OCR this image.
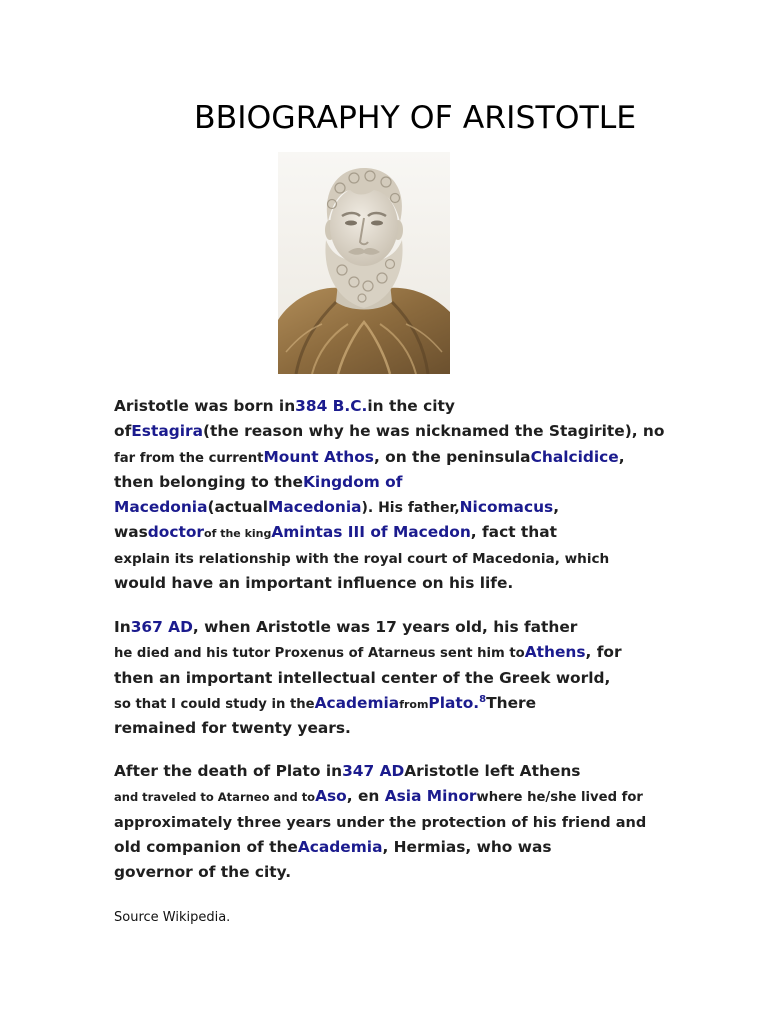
BBIOGRAPHY OF ARISTOTLE
Aristotle was born in384 B.C.in the city
ofEstagira(the reason why he was nicknamed the Stagirite), no
far from the currentMount Athos, on the peninsulaChalcidice,
then belonging to theKingdom of
Macedonia(actualMacedonia). His father,Nicomacus,
wasdoctorof the kingAmintas III of Macedon, fact that
explain its relationship with the royal court of Macedonia, which
would have an important influence on his life.
In367 AD, when Aristotle was 17 years old, his father
he died and his tutor Proxenus of Atarneus sent him toAthens, for
then an important intellectual center of the Greek world,
so that I could study in theAcademiafromPlato.$^8$There
remained for twenty years.
After the death of Plato in347 ADAristotle left Athens
and traveled to Atarneo and toAso, en Asia Minorwhere he/she lived for
approximately three years under the protection of his friend and
old companion of theAcademia, Hermias, who was
governor of the city.
Source Wikipedia.
